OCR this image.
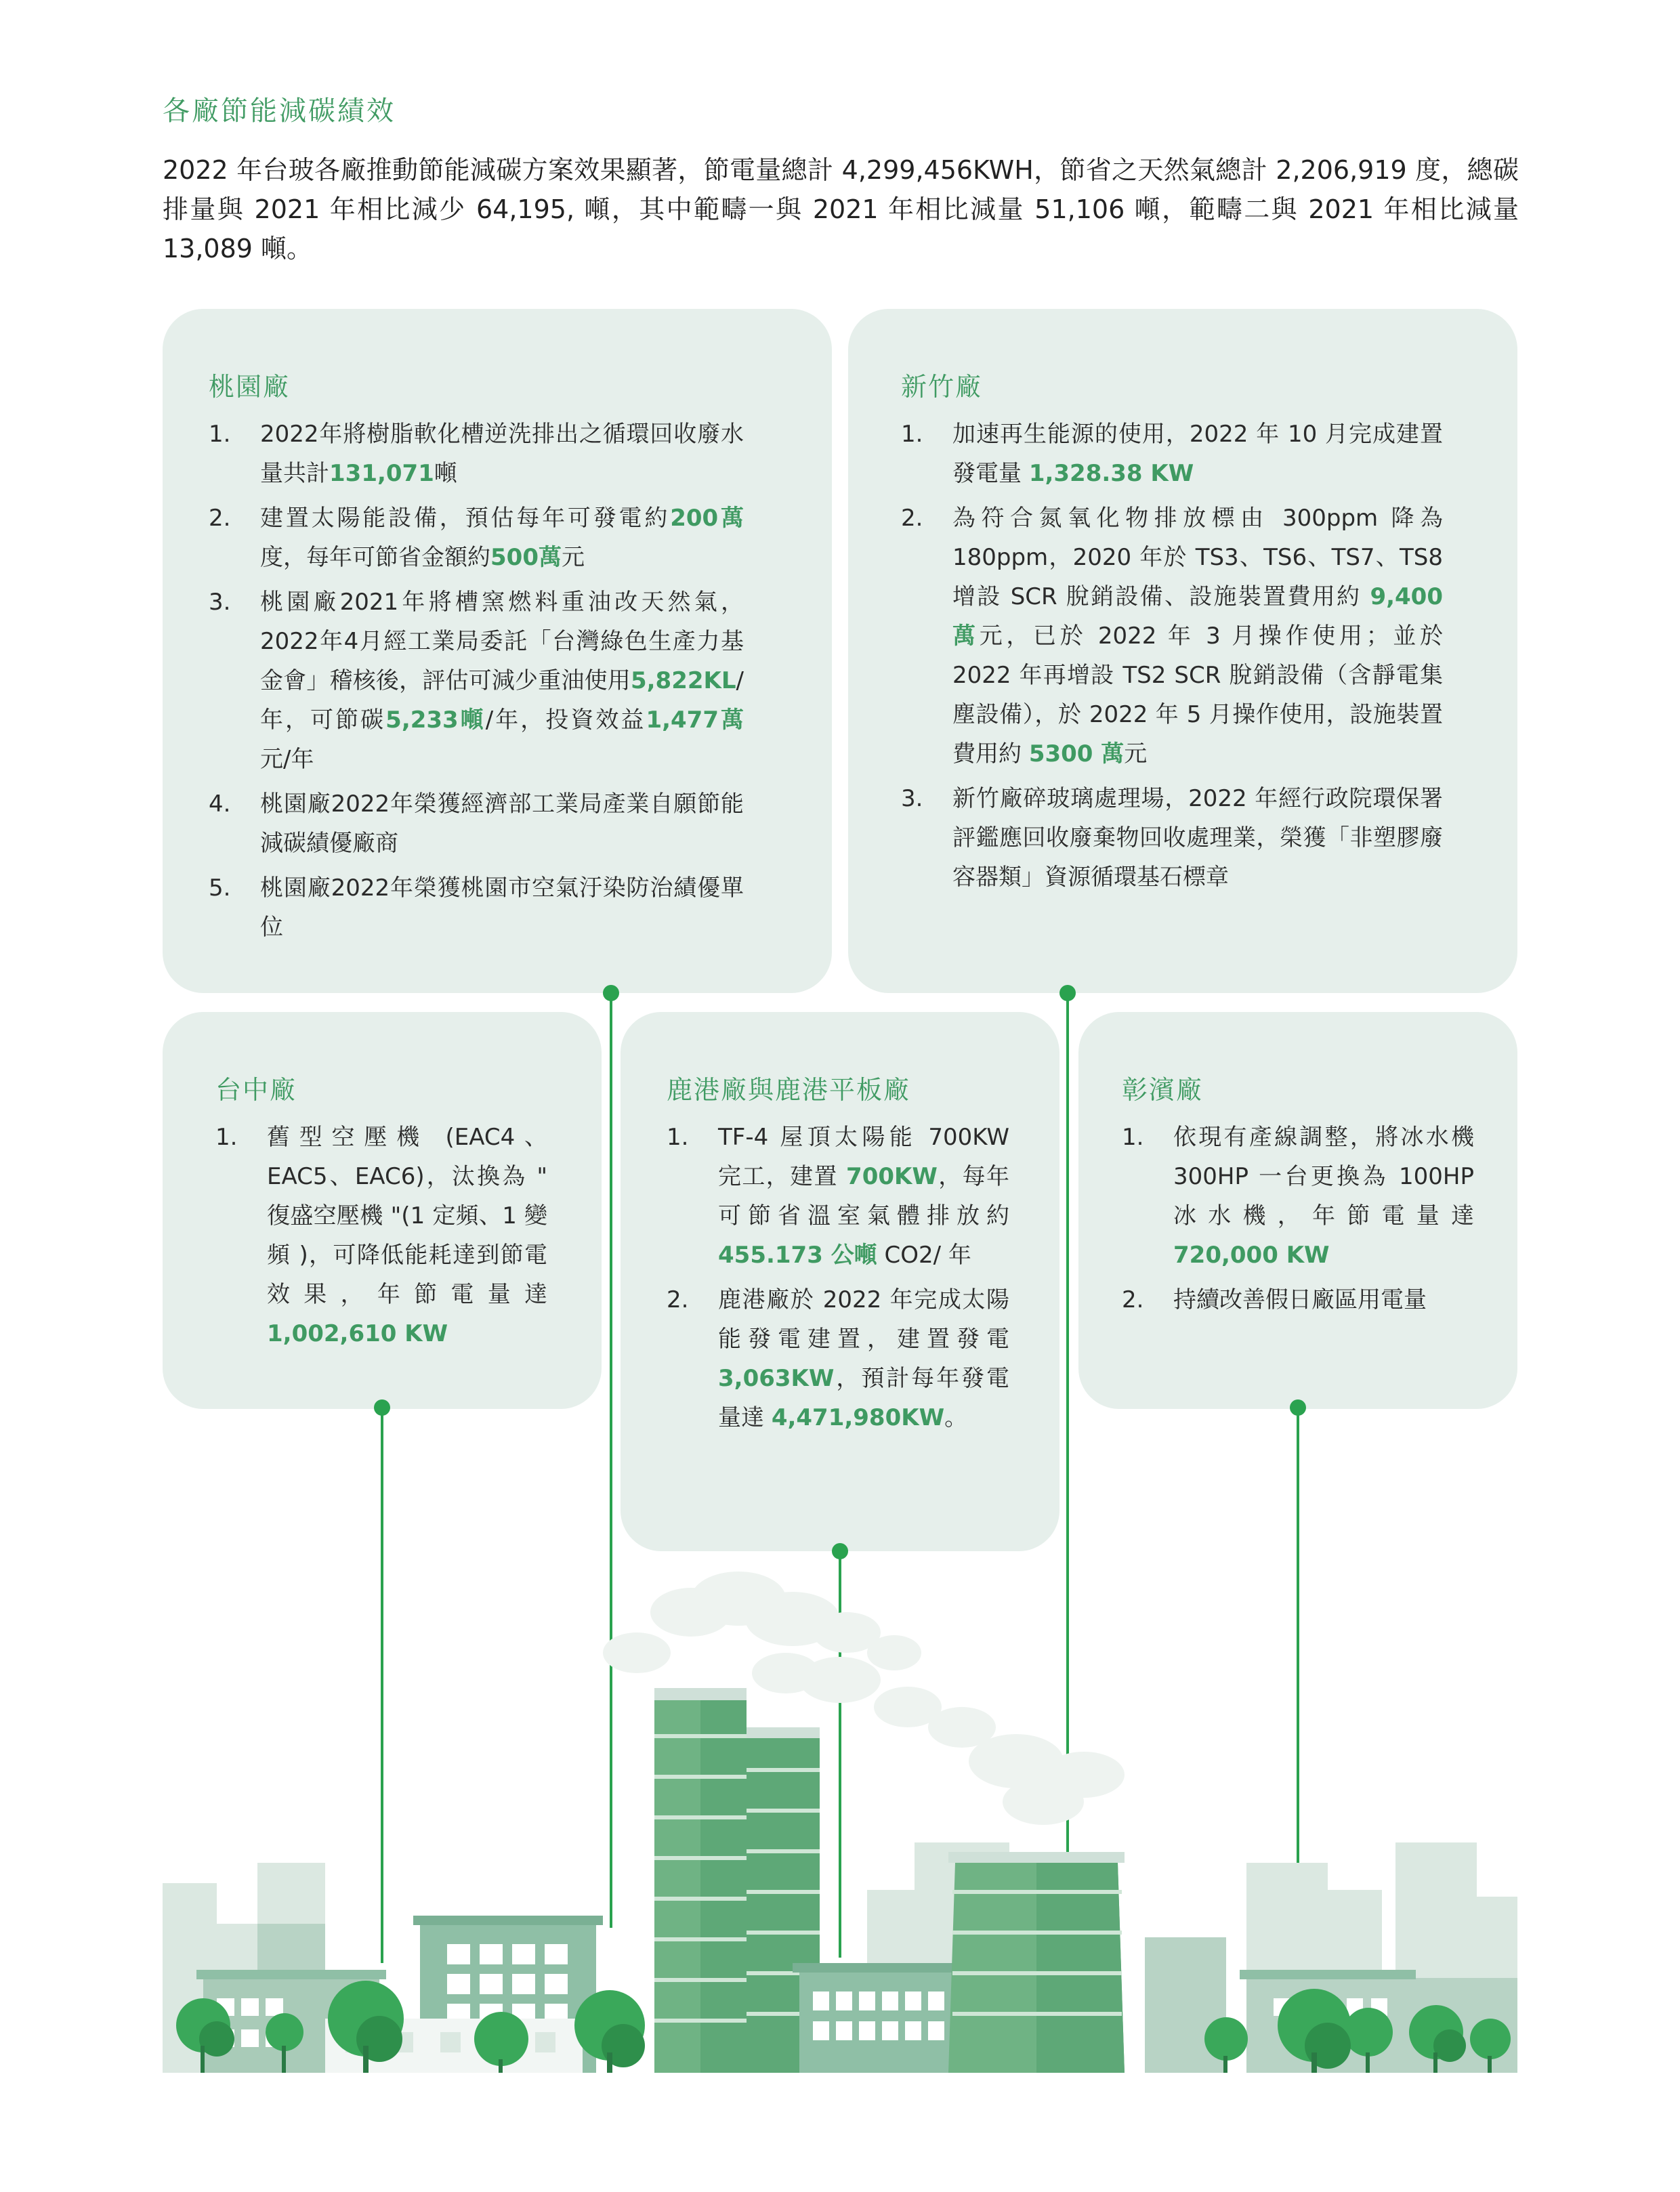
各廠節能減碳績效

2022 年台玻各廠推動節能減碳方案效果顯著，節電量總計 4,299,456KWH，節省之天然氣總計 2,206,919 度，總碳排量與 2021 年相比減少 64,195, 噸，其中範疇一與 2021 年相比減量 51,106 噸，範疇二與 2021 年相比減量 13,089 噸。

桃園廠
1. 2022年將樹脂軟化槽逆洗排出之循環回收廢水量共計131,071噸
2. 建置太陽能設備，預估每年可發電約200萬度，每年可節省金額約500萬元
3. 桃園廠2021年將槽窯燃料重油改天然氣，2022年4月經工業局委託「台灣綠色生產力基金會」稽核後，評估可減少重油使用5,822KL/年，可節碳5,233噸/年，投資效益1,477萬元/年
4. 桃園廠2022年榮獲經濟部工業局產業自願節能減碳績優廠商
5. 桃園廠2022年榮獲桃園市空氣汙染防治績優單位
新竹廠
1. 加速再生能源的使用，2022 年 10 月完成建置發電量 1,328.38 KW
2. 為符合氮氧化物排放標由 300ppm 降為 180ppm，2020 年於 TS3、TS6、TS7、TS8 增設 SCR 脫銷設備、設施裝置費用約 9,400 萬元，已於 2022 年 3 月操作使用；並於 2022 年再增設 TS2 SCR 脫銷設備（含靜電集塵設備），於 2022 年 5 月操作使用，設施裝置費用約 5300 萬元
3. 新竹廠碎玻璃處理場，2022 年經行政院環保署評鑑應回收廢棄物回收處理業，榮獲「非塑膠廢容器類」資源循環基石標章
台中廠
1. 舊型空壓機 (EAC4、EAC5、EAC6)，汰換為 " 復盛空壓機 "(1 定頻、1 變頻 )，可降低能耗達到節電效果，年節電量達 1,002,610 KW
鹿港廠與鹿港平板廠
1. TF-4 屋頂太陽能 700KW 完工，建置 700KW，每年可節省溫室氣體排放約 455.173 公噸 CO2/ 年
2. 鹿港廠於 2022 年完成太陽能發電建置，建置發電 3,063KW，預計每年發電量達 4,471,980KW。
彰濱廠
1. 依現有產線調整，將冰水機 300HP 一台更換為 100HP 冰水機，年節電量達 720,000 KW
2. 持續改善假日廠區用電量
